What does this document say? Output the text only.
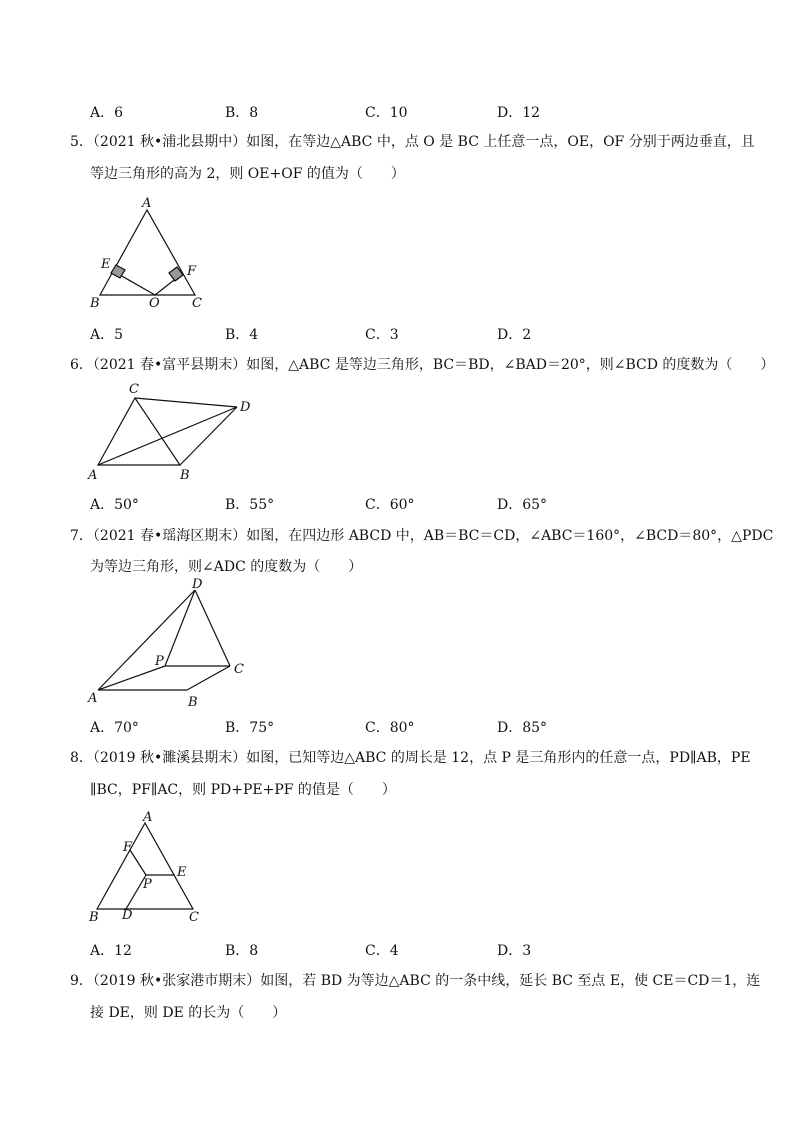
A．6	B．8	C．10	D．12
5．（2021 秋•浦北县期中）如图，在等边△ABC 中，点 O 是 BC 上任意一点，OE，OF 分别于两边垂直，且
等边三角形的高为 2，则 OE+OF 的值为（　　）
A
B	C
E	F
O
A．5	B．4	C．3	D．2
6．（2021 春•富平县期末）如图，△ABC 是等边三角形，BC＝BD，∠BAD＝20°，则∠BCD 的度数为（　　）
C
D
A	B
A．50°	B．55°	C．60°	D．65°
7．（2021 春•瑶海区期末）如图，在四边形 ABCD 中，AB＝BC＝CD，∠ABC＝160°，∠BCD＝80°，△PDC
为等边三角形，则∠ADC 的度数为（　　）
D
P
C
A	B
A．70°	B．75°	C．80°	D．85°
8．（2019 秋•濉溪县期末）如图，已知等边△ABC 的周长是 12，点 P 是三角形内的任意一点，PD∥AB，PE
∥BC，PF∥AC，则 PD+PE+PF 的值是（　　）
A
F
E
P
B D	C
A．12	B．8	C．4	D．3
9．（2019 秋•张家港市期末）如图，若 BD 为等边△ABC 的一条中线，延长 BC 至点 E，使 CE＝CD＝1，连
接 DE，则 DE 的长为（　　）
